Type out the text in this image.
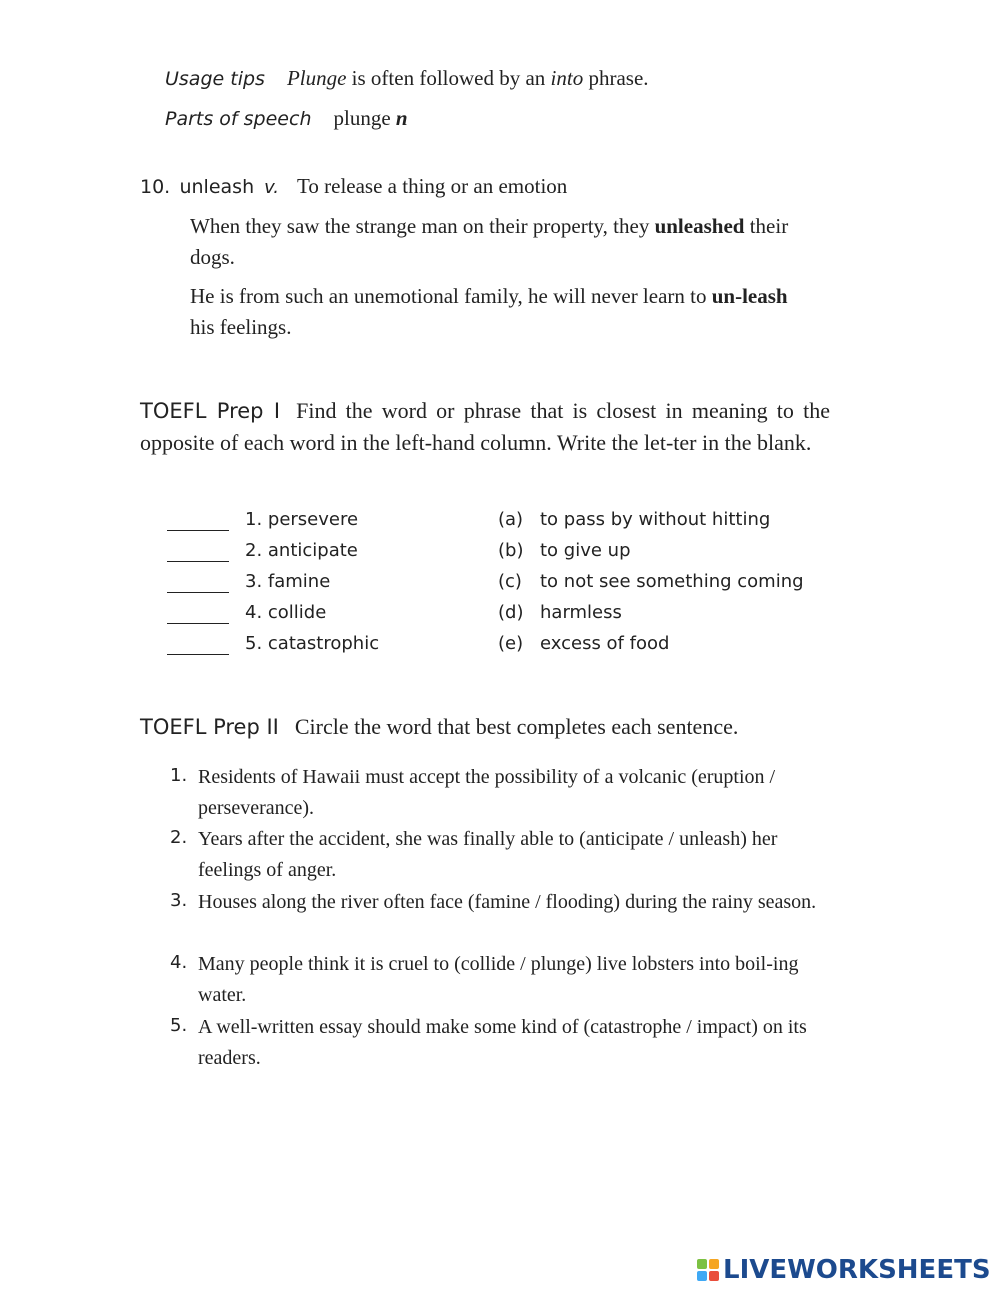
Usage tips Plunge is often followed by an into phrase.
Parts of speech plunge n
10. unleash v. To release a thing or an emotion
When they saw the strange man on their property, they unleashed their dogs.
He is from such an unemotional family, he will never learn to un-leash his feelings.
TOEFL Prep I Find the word or phrase that is closest in meaning to the opposite of each word in the left-hand column. Write the let-ter in the blank.
1. persevere	(a) to pass by without hitting
2. anticipate	(b) to give up
3. famine	(c) to not see something coming
4. collide	(d) harmless
5. catastrophic	(e) excess of food
TOEFL Prep II Circle the word that best completes each sentence.
1. Residents of Hawaii must accept the possibility of a volcanic (eruption / perseverance).
2. Years after the accident, she was finally able to (anticipate / unleash) her feelings of anger.
3. Houses along the river often face (famine / flooding) during the rainy season.
4. Many people think it is cruel to (collide / plunge) live lobsters into boil-ing water.
5. A well-written essay should make some kind of (catastrophe / impact) on its readers.
LIVEWORKSHEETS
